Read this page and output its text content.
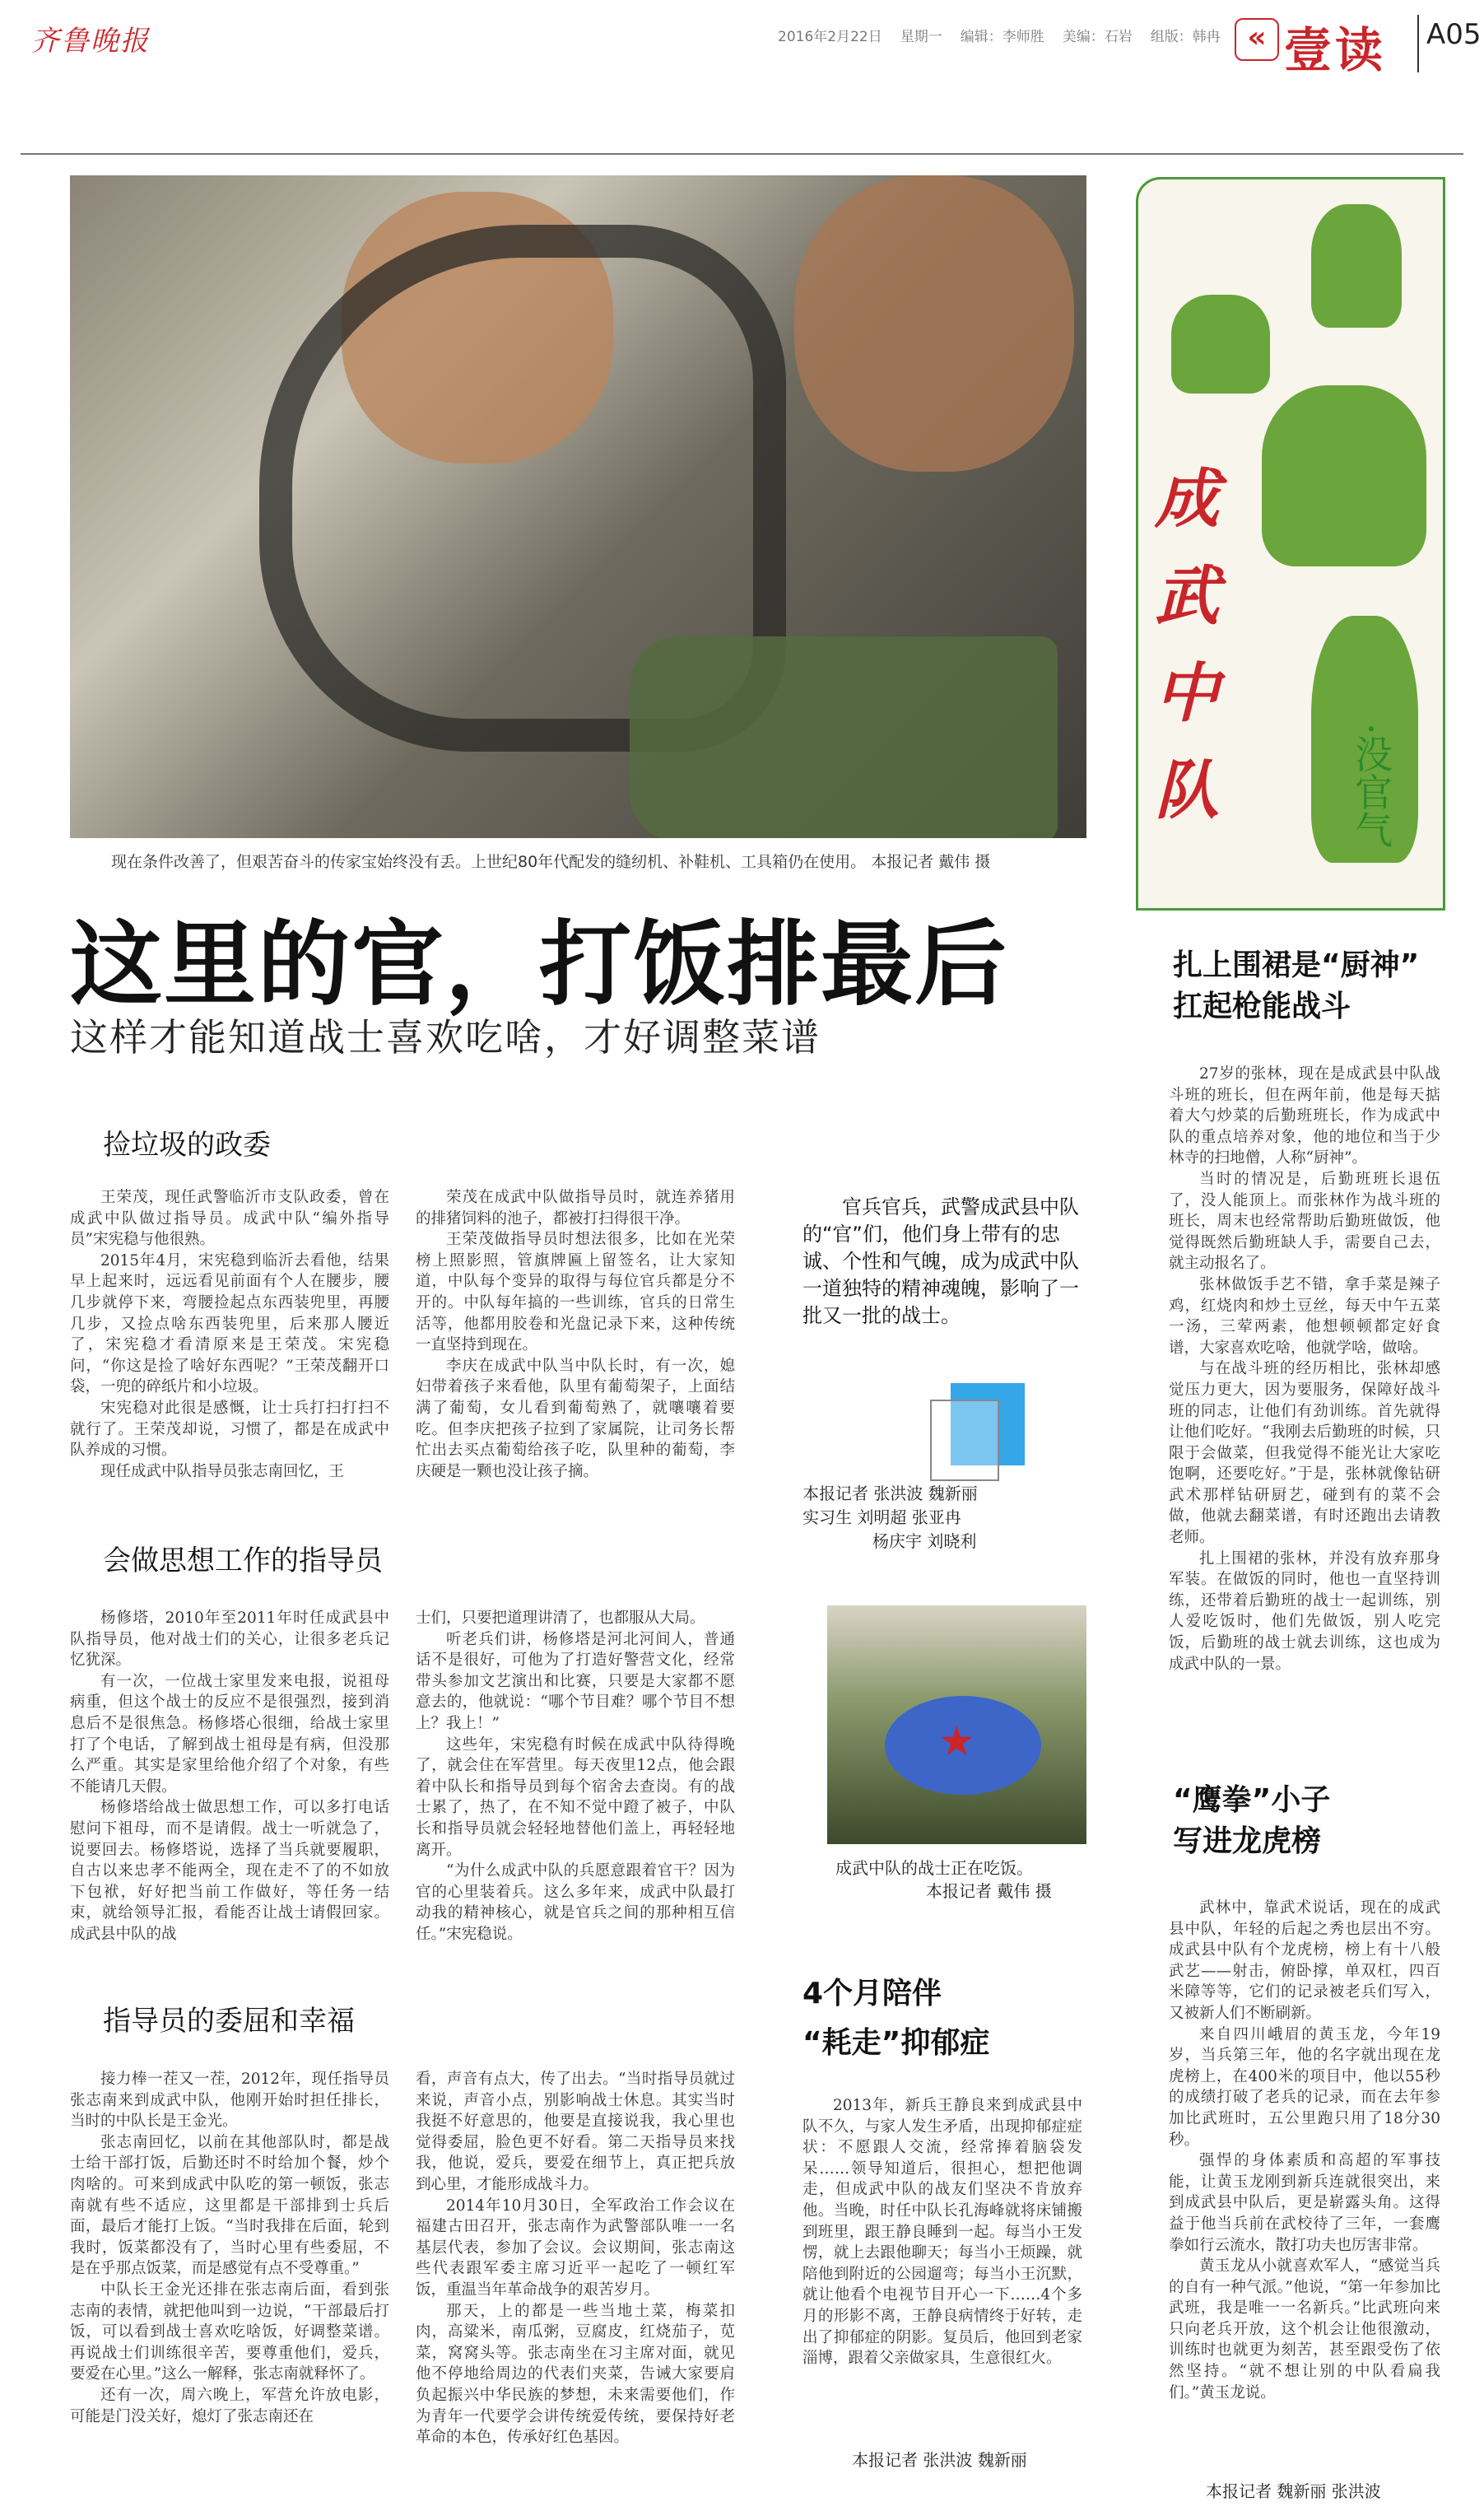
齐鲁晚报	2016年2月22日 星期一 编辑：李师胜 美编：石岩 组版：韩冉 « 壹读 A05
现在条件改善了，但艰苦奋斗的传家宝始终没有丢。上世纪80年代配发的缝纫机、补鞋机、工具箱仍在使用。 本报记者 戴伟 摄
这里的官，打饭排最后
这样才能知道战士喜欢吃啥，才好调整菜谱
捡垃圾的政委

王荣茂，现任武警临沂市支队政委，曾在成武中队做过指导员。成武中队“编外指导员”宋宪稳与他很熟。

2015年4月，宋宪稳到临沂去看他，结果早上起来时，远远看见前面有个人在腰步，腰几步就停下来，弯腰捡起点东西装兜里，再腰几步，又捡点啥东西装兜里，后来那人腰近了，宋宪稳才看清原来是王荣茂。宋宪稳问，“你这是捡了啥好东西呢？”王荣茂翻开口袋，一兜的碎纸片和小垃圾。

宋宪稳对此很是感慨，让士兵打扫打扫不就行了。王荣茂却说，习惯了，都是在成武中队养成的习惯。

现任成武中队指导员张志南回忆，王

荣茂在成武中队做指导员时，就连养猪用的排猪饲料的池子，都被打扫得很干净。

王荣茂做指导员时想法很多，比如在光荣榜上照影照，管旗牌匾上留签名，让大家知道，中队每个变异的取得与每位官兵都是分不开的。中队每年搞的一些训练，官兵的日常生活等，他都用胶卷和光盘记录下来，这种传统一直坚持到现在。

李庆在成武中队当中队长时，有一次，媳妇带着孩子来看他，队里有葡萄架子，上面结满了葡萄，女儿看到葡萄熟了，就嚷嚷着要吃。但李庆把孩子拉到了家属院，让司务长帮忙出去买点葡萄给孩子吃，队里种的葡萄，李庆硬是一颗也没让孩子摘。

官兵官兵，武警成武县中队的“官”们，他们身上带有的忠诚、个性和气魄，成为成武中队一道独特的精神魂魄，影响了一批又一批的战士。

本报记者 张洪波 魏新丽
实习生 刘明超 张亚冉
杨庆宇 刘晓利
会做思想工作的指导员

杨修塔，2010年至2011年时任成武县中队指导员，他对战士们的关心，让很多老兵记忆犹深。

有一次，一位战士家里发来电报，说祖母病重，但这个战士的反应不是很强烈，接到消息后不是很焦急。杨修塔心很细，给战士家里打了个电话，了解到战士祖母是有病，但没那么严重。其实是家里给他介绍了个对象，有些不能请几天假。

杨修塔给战士做思想工作，可以多打电话慰问下祖母，而不是请假。战士一听就急了，说要回去。杨修塔说，选择了当兵就要履职，自古以来忠孝不能两全，现在走不了的不如放下包袱，好好把当前工作做好，等任务一结束，就给领导汇报，看能否让战士请假回家。成武县中队的战

士们，只要把道理讲清了，也都服从大局。

听老兵们讲，杨修塔是河北河间人，普通话不是很好，可他为了打造好警营文化，经常带头参加文艺演出和比赛，只要是大家都不愿意去的，他就说：“哪个节目难？哪个节目不想上？我上！”

这些年，宋宪稳有时候在成武中队待得晚了，就会住在军营里。每天夜里12点，他会跟着中队长和指导员到每个宿舍去查岗。有的战士累了，热了，在不知不觉中蹬了被子，中队长和指导员就会轻轻地替他们盖上，再轻轻地离开。

“为什么成武中队的兵愿意跟着官干？因为官的心里装着兵。这么多年来，成武中队最打动我的精神核心，就是官兵之间的那种相互信任。”宋宪稳说。

★
成武中队的战士正在吃饭。
本报记者 戴伟 摄
指导员的委屈和幸福

接力棒一茬又一茬，2012年，现任指导员张志南来到成武中队，他刚开始时担任排长，当时的中队长是王金光。

张志南回忆，以前在其他部队时，都是战士给干部打饭，后勤还时不时给加个餐，炒个肉啥的。可来到成武中队吃的第一顿饭，张志南就有些不适应，这里都是干部排到士兵后面，最后才能打上饭。“当时我排在后面，轮到我时，饭菜都没有了，当时心里有些委屈，不是在乎那点饭菜，而是感觉有点不受尊重。”

中队长王金光还排在张志南后面，看到张志南的表情，就把他叫到一边说，“干部最后打饭，可以看到战士喜欢吃啥饭，好调整菜谱。再说战士们训练很辛苦，要尊重他们，爱兵，要爱在心里。”这么一解释，张志南就释怀了。

还有一次，周六晚上，军营允许放电影，可能是门没关好，熄灯了张志南还在

看，声音有点大，传了出去。“当时指导员就过来说，声音小点，别影响战士休息。其实当时我挺不好意思的，他要是直接说我，我心里也觉得委屈，脸色更不好看。第二天指导员来找我，他说，爱兵，要爱在细节上，真正把兵放到心里，才能形成战斗力。

2014年10月30日，全军政治工作会议在福建古田召开，张志南作为武警部队唯一一名基层代表，参加了会议。会议期间，张志南这些代表跟军委主席习近平一起吃了一顿红军饭，重温当年革命战争的艰苦岁月。

那天，上的都是一些当地土菜，梅菜扣肉，高粱米，南瓜粥，豆腐皮，红烧茄子，苋菜，窝窝头等。张志南坐在习主席对面，就见他不停地给周边的代表们夹菜，告诫大家要肩负起振兴中华民族的梦想，未来需要他们，作为青年一代要学会讲传统爱传统，要保持好老革命的本色，传承好红色基因。

4个月陪伴
“耗走”抑郁症

2013年，新兵王静良来到成武县中队不久，与家人发生矛盾，出现抑郁症症状：不愿跟人交流，经常捧着脑袋发呆……领导知道后，很担心，想把他调走，但成武中队的战友们坚决不肯放弃他。当晚，时任中队长孔海峰就将床铺搬到班里，跟王静良睡到一起。每当小王发愣，就上去跟他聊天；每当小王烦躁，就陪他到附近的公园遛弯；每当小王沉默，就让他看个电视节目开心一下……4个多月的形影不离，王静良病情终于好转，走出了抑郁症的阴影。复员后，他回到老家淄博，跟着父亲做家具，生意很红火。

本报记者 张洪波 魏新丽
成武中队	·没官气
扎上围裙是“厨神”
扛起枪能战斗

27岁的张林，现在是成武县中队战斗班的班长，但在两年前，他是每天掂着大勺炒菜的后勤班班长，作为成武中队的重点培养对象，他的地位和当于少林寺的扫地僧，人称“厨神”。

当时的情况是，后勤班班长退伍了，没人能顶上。而张林作为战斗班的班长，周末也经常帮助后勤班做饭，他觉得既然后勤班缺人手，需要自己去，就主动报名了。

张林做饭手艺不错，拿手菜是辣子鸡，红烧肉和炒土豆丝，每天中午五菜一汤，三荤两素，他想顿顿都定好食谱，大家喜欢吃啥，他就学啥，做啥。

与在战斗班的经历相比，张林却感觉压力更大，因为要服务，保障好战斗班的同志，让他们有劲训练。首先就得让他们吃好。“我刚去后勤班的时候，只限于会做菜，但我觉得不能光让大家吃饱啊，还要吃好。”于是，张林就像钻研武术那样钻研厨艺，碰到有的菜不会做，他就去翻菜谱，有时还跑出去请教老师。

扎上围裙的张林，并没有放弃那身军装。在做饭的同时，他也一直坚持训练，还带着后勤班的战士一起训练，别人爱吃饭时，他们先做饭，别人吃完饭，后勤班的战士就去训练，这也成为成武中队的一景。

“鹰拳”小子
写进龙虎榜

武林中，靠武术说话，现在的成武县中队，年轻的后起之秀也层出不穷。成武县中队有个龙虎榜，榜上有十八般武艺——射击，俯卧撑，单双杠，四百米障等等，它们的记录被老兵们写入，又被新人们不断刷新。

来自四川峨眉的黄玉龙，今年19岁，当兵第三年，他的名字就出现在龙虎榜上，在400米的项目中，他以55秒的成绩打破了老兵的记录，而在去年参加比武班时，五公里跑只用了18分30秒。

强悍的身体素质和高超的军事技能，让黄玉龙刚到新兵连就很突出，来到成武县中队后，更是崭露头角。这得益于他当兵前在武校待了三年，一套鹰拳如行云流水，散打功夫也厉害非常。

黄玉龙从小就喜欢军人，“感觉当兵的自有一种气派。”他说，“第一年参加比武班，我是唯一一名新兵。”比武班向来只向老兵开放，这个机会让他很激动，训练时也就更为刻苦，甚至跟受伤了依然坚持。“就不想让别的中队看扁我们。”黄玉龙说。

本报记者 魏新丽 张洪波
